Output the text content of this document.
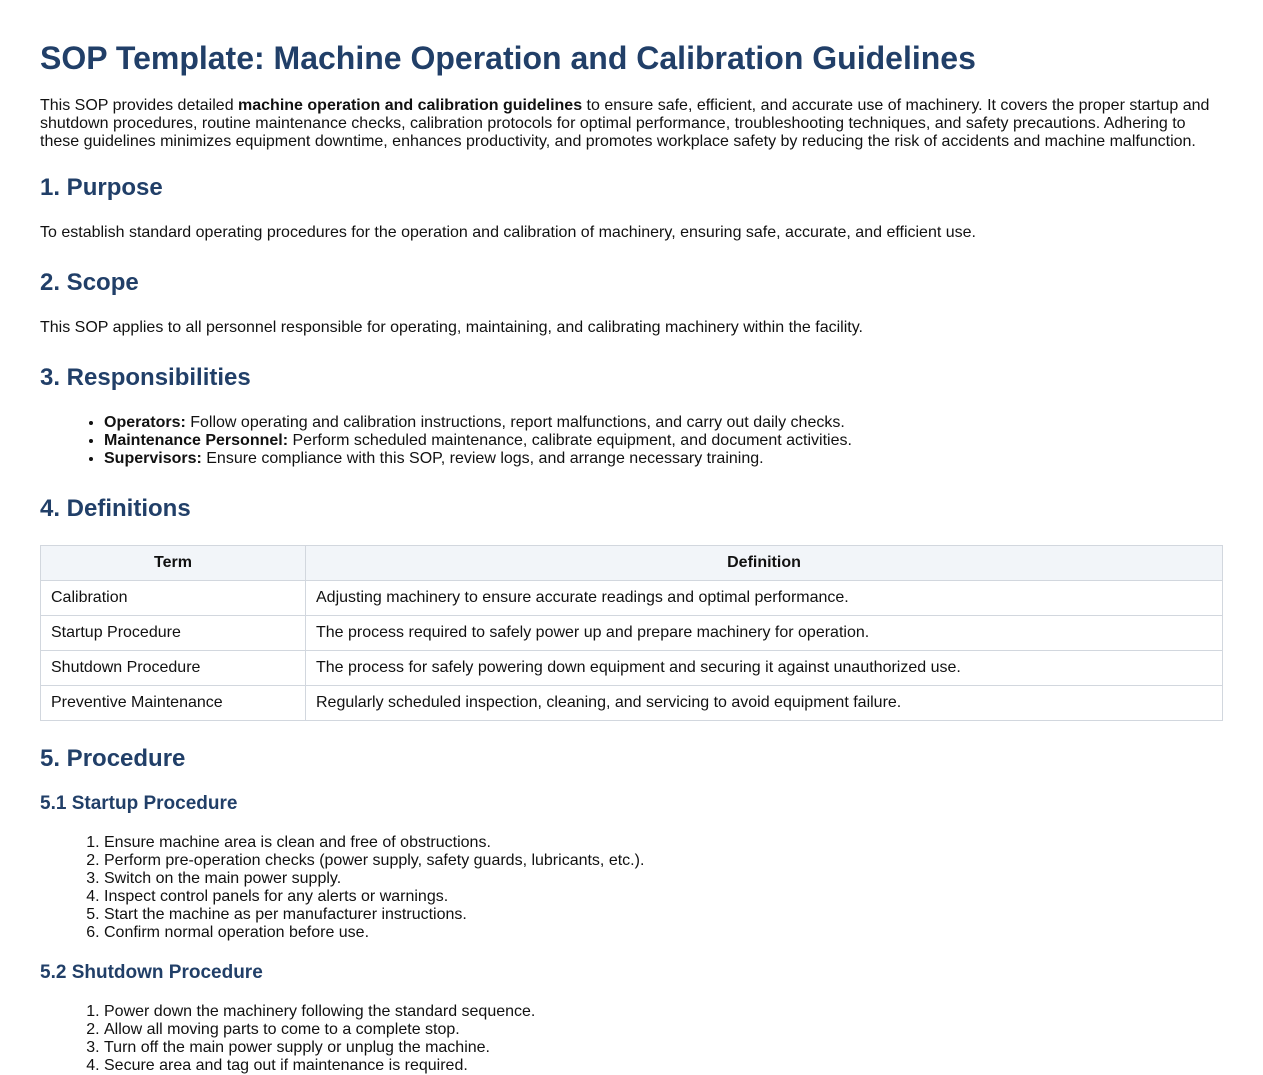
SOP Template: Machine Operation and Calibration Guidelines

This SOP provides detailed machine operation and calibration guidelines to ensure safe, efficient, and accurate use of machinery. It covers the proper startup and shutdown procedures, routine maintenance checks, calibration protocols for optimal performance, troubleshooting techniques, and safety precautions. Adhering to these guidelines minimizes equipment downtime, enhances productivity, and promotes workplace safety by reducing the risk of accidents and machine malfunction.

1. Purpose

To establish standard operating procedures for the operation and calibration of machinery, ensuring safe, accurate, and efficient use.

2. Scope

This SOP applies to all personnel responsible for operating, maintaining, and calibrating machinery within the facility.

3. Responsibilities
• Operators: Follow operating and calibration instructions, report malfunctions, and carry out daily checks.
• Maintenance Personnel: Perform scheduled maintenance, calibrate equipment, and document activities.
• Supervisors: Ensure compliance with this SOP, review logs, and arrange necessary training.
4. Definitions
Term	Definition
Calibration	Adjusting machinery to ensure accurate readings and optimal performance.
Startup Procedure	The process required to safely power up and prepare machinery for operation.
Shutdown Procedure	The process for safely powering down equipment and securing it against unauthorized use.
Preventive Maintenance	Regularly scheduled inspection, cleaning, and servicing to avoid equipment failure.
5. Procedure
5.1 Startup Procedure
1. Ensure machine area is clean and free of obstructions.
2. Perform pre-operation checks (power supply, safety guards, lubricants, etc.).
3. Switch on the main power supply.
4. Inspect control panels for any alerts or warnings.
5. Start the machine as per manufacturer instructions.
6. Confirm normal operation before use.
5.2 Shutdown Procedure
1. Power down the machinery following the standard sequence.
2. Allow all moving parts to come to a complete stop.
3. Turn off the main power supply or unplug the machine.
4. Secure area and tag out if maintenance is required.
